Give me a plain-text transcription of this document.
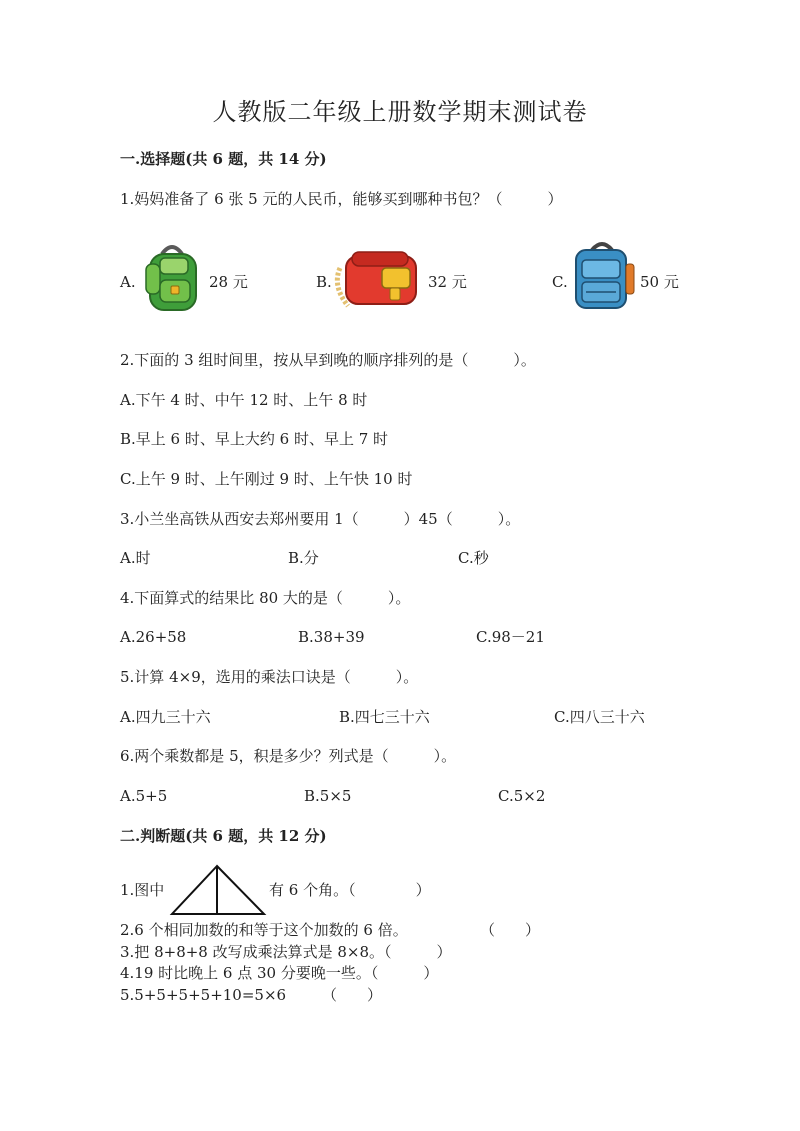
人教版二年级上册数学期末测试卷
一.选择题(共 6 题，共 14 分)
1.妈妈准备了 6 张 5 元的人民币，能够买到哪种书包？（　　　）
A.	28 元	B.	32 元	C.	50 元
2.下面的 3 组时间里，按从早到晚的顺序排列的是（　　　）。
A.下午 4 时、中午 12 时、上午 8 时
B.早上 6 时、早上大约 6 时、早上 7 时
C.上午 9 时、上午刚过 9 时、上午快 10 时
3.小兰坐高铁从西安去郑州要用 1（　　　）45（　　　）。
A.时	B.分	C.秒
4.下面算式的结果比 80 大的是（　　　）。
A.26+58	B.38+39	C.98－21
5.计算 4×9，选用的乘法口诀是（　　　）。
A.四九三十六	B.四七三十六	C.四八三十六
6.两个乘数都是 5，积是多少？列式是（　　　）。
A.5+5	B.5×5	C.5×2
二.判断题(共 6 题，共 12 分)
1.图中	有 6 个角。（　　　　）
2.6 个相同加数的和等于这个加数的 6 倍。	（　　）
3.把 8+8+8 改写成乘法算式是 8×8。（　　　）
4.19 时比晚上 6 点 30 分要晚一些。（　　　）
5.5+5+5+5+10=5×6 （　　）
